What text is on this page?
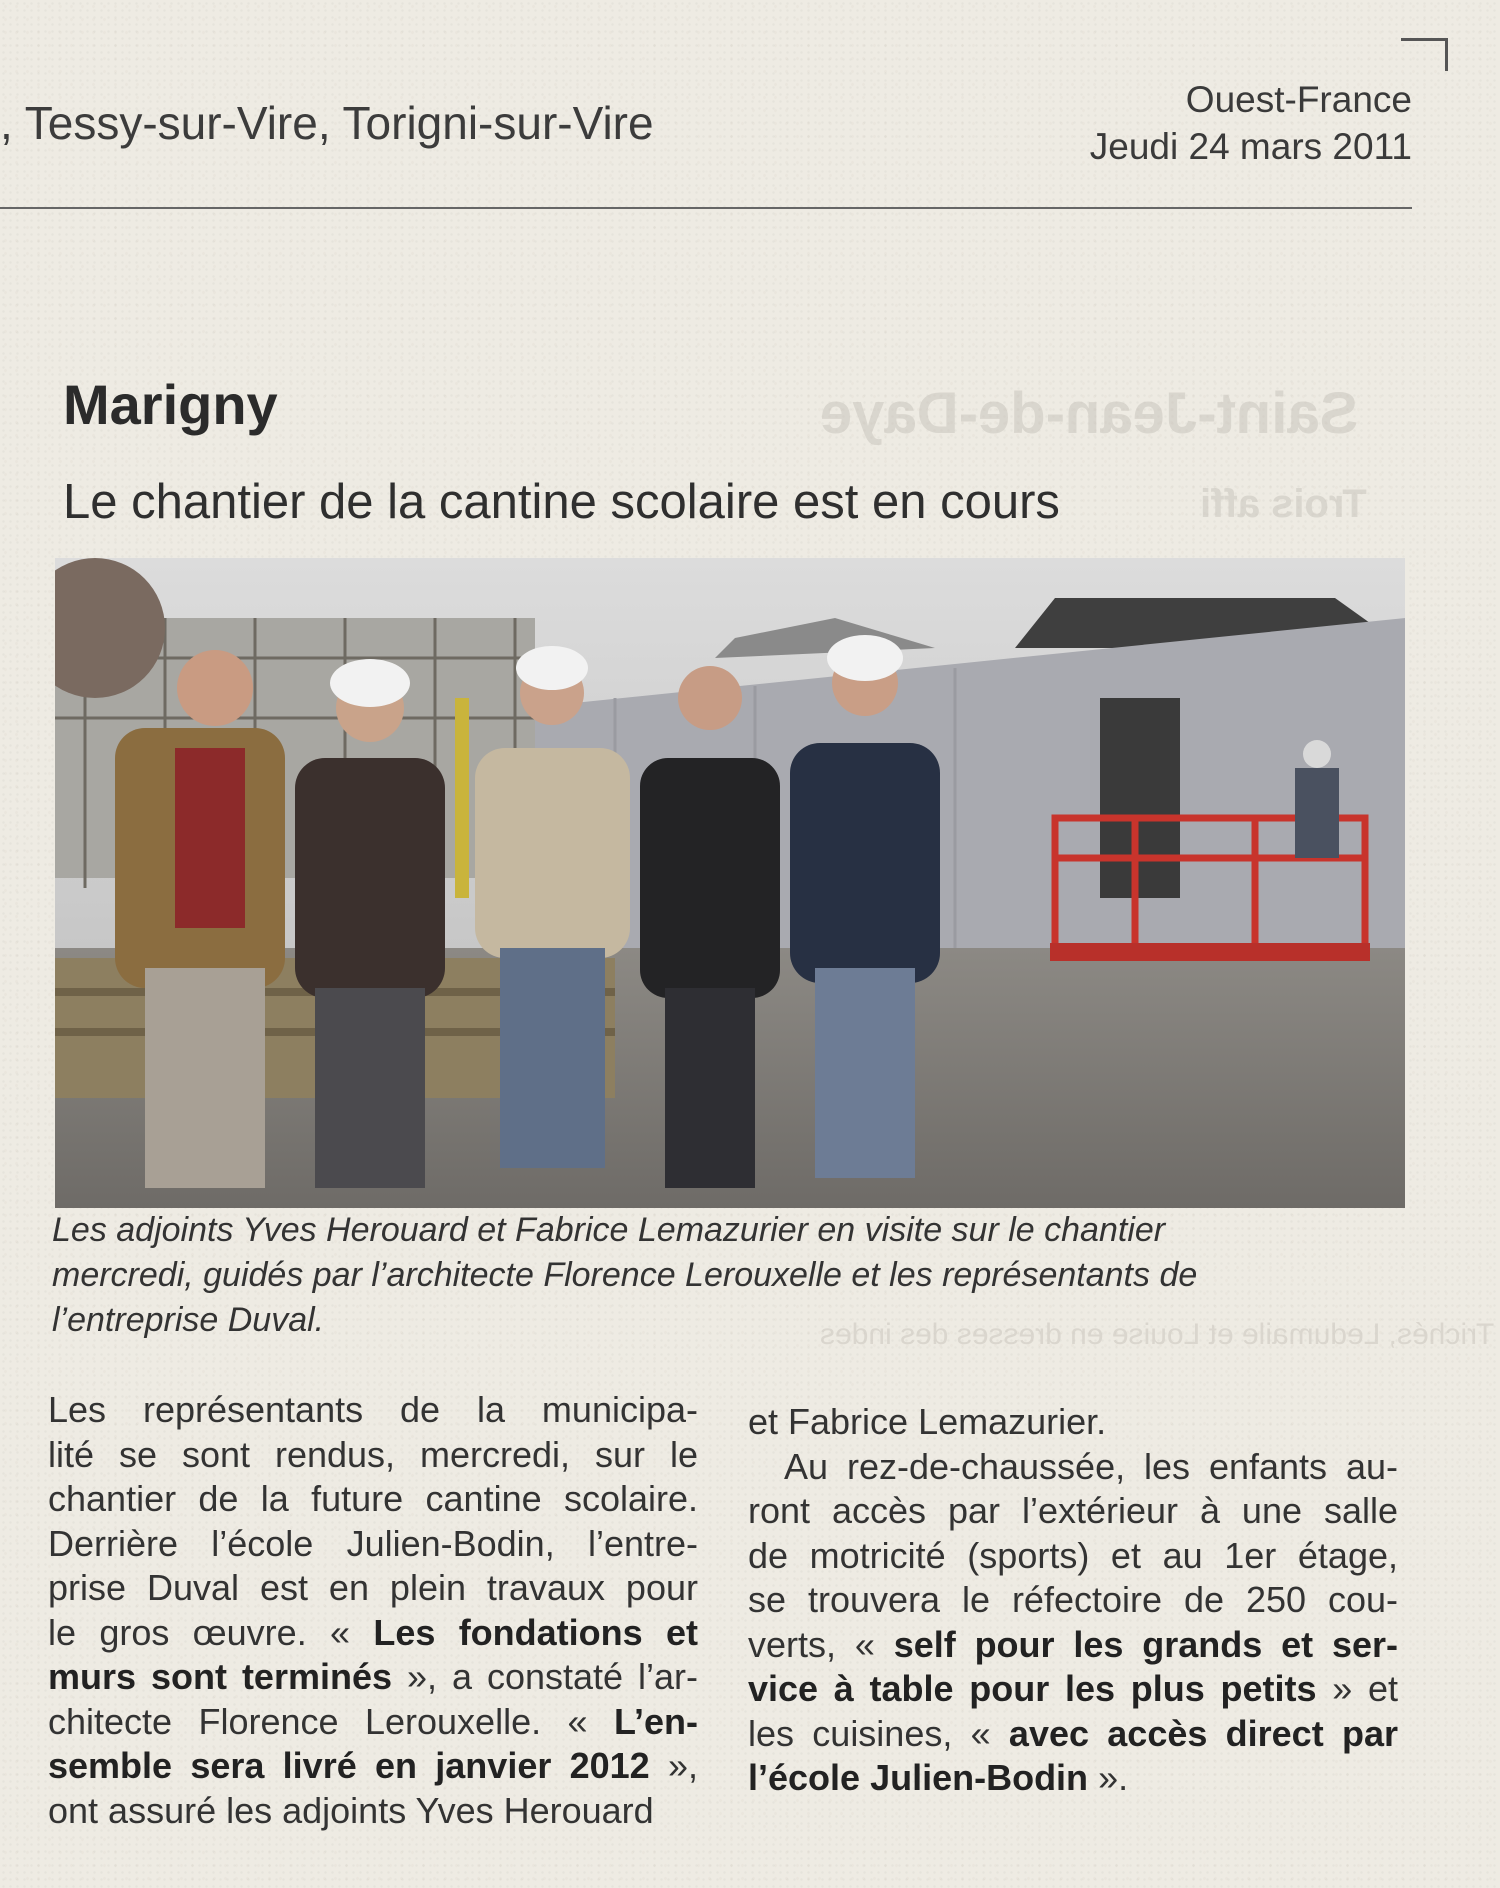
, Tessy-sur-Vire, Torigni-sur-Vire	Ouest-France
Jeudi 24 mars 2011
Saint-Jean-de-Daye
Trois affi
Marigny
Le chantier de la cantine scolaire est en cours
Les adjoints Yves Herouard et Fabrice Lemazurier en visite sur le chantier
mercredi, guidés par l’architecte Florence Lerouxelle et les représentants de
l’entreprise Duval.	Trichés, Ledumaile et Louise en dresses des indes
Les représentants de la municipa-
lité se sont rendus, mercredi, sur le
chantier de la future cantine scolaire.
Derrière l’école Julien-Bodin, l’entre-
prise Duval est en plein travaux pour
le gros œuvre. « Les fondations et
murs sont terminés », a constaté l’ar-
chitecte Florence Lerouxelle. « L’en-
semble sera livré en janvier 2012 »,
ont assuré les adjoints Yves Herouard
et Fabrice Lemazurier.
Au rez-de-chaussée, les enfants au-
ront accès par l’extérieur à une salle
de motricité (sports) et au 1er étage,
se trouvera le réfectoire de 250 cou-
verts, « self pour les grands et ser-
vice à table pour les plus petits » et
les cuisines, « avec accès direct par
l’école Julien-Bodin ».
